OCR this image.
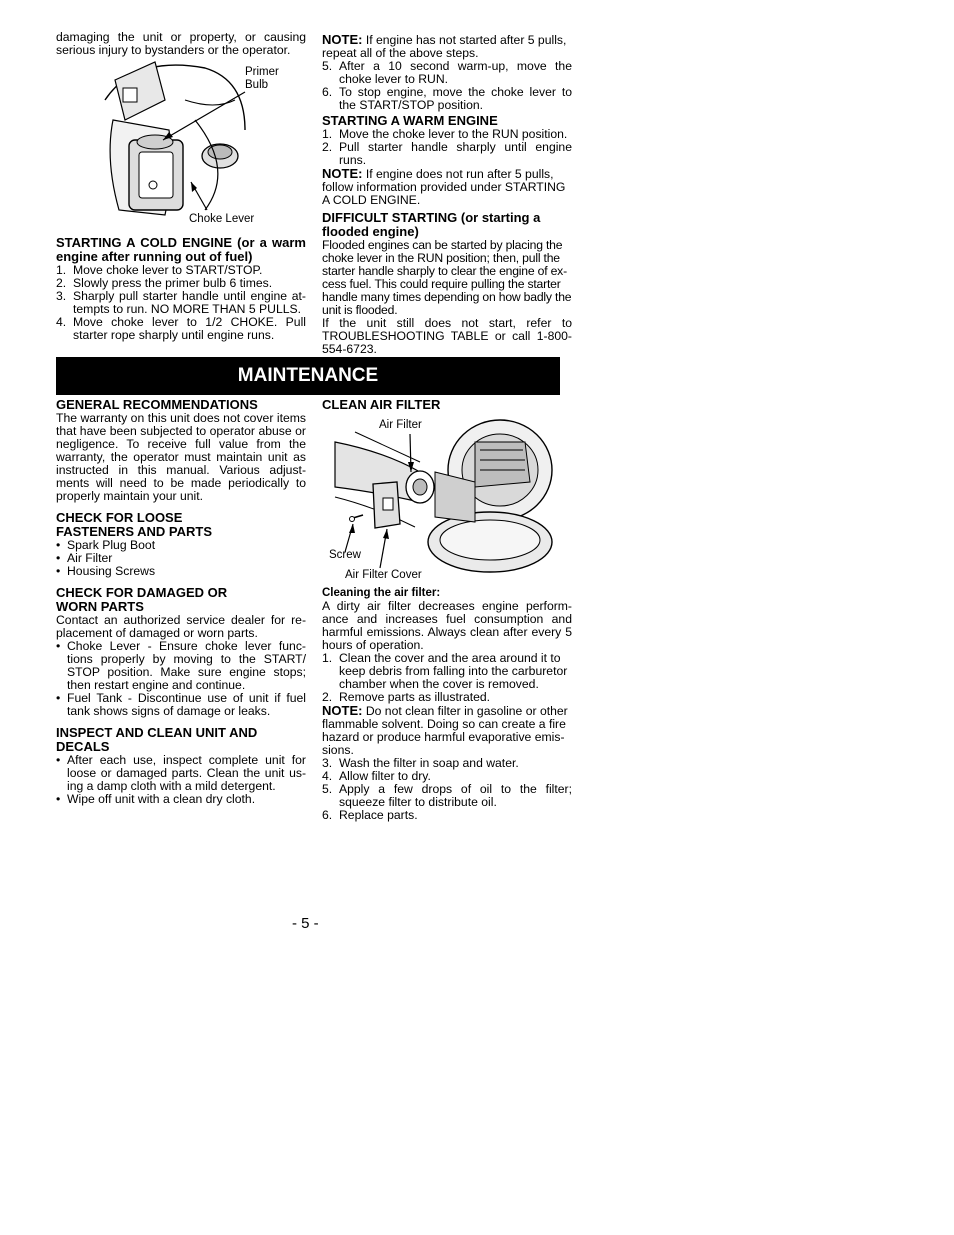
damaging the unit or property, or causing serious injury to bystanders or the operator.

Primer
Bulb
Choke Lever
STARTING A COLD ENGINE (or a warm engine after running out of fuel)
1. Move choke lever to START/STOP.
2. Slowly press the primer bulb 6 times.
3. Sharply pull starter handle until engine at-tempts to run. NO MORE THAN 5 PULLS.
4. Move choke lever to 1/2 CHOKE. Pull starter rope sharply until engine runs.

NOTE: If engine has not started after 5 pulls, repeat all of the above steps.

5. After a 10 second warm-up, move the choke lever to RUN.
6. To stop engine, move the choke lever to the START/STOP position.
STARTING A WARM ENGINE
1. Move the choke lever to the RUN position.
2. Pull starter handle sharply until engine runs.

NOTE: If engine does not run after 5 pulls, follow information provided under STARTING A COLD ENGINE.

DIFFICULT STARTING (or starting a flooded engine)

Flooded engines can be started by placing the choke lever in the RUN position; then, pull the starter handle sharply to clear the engine of ex-cess fuel. This could require pulling the starter handle many times depending on how badly the unit is flooded.

If the unit still does not start, refer to TROUBLESHOOTING TABLE or call 1-800-554-6723.

MAINTENANCE
GENERAL RECOMMENDATIONS

The warranty on this unit does not cover items that have been subjected to operator abuse or negligence. To receive full value from the warranty, the operator must maintain unit as instructed in this manual. Various adjust-ments will need to be made periodically to properly maintain your unit.

CHECK FOR LOOSE
FASTENERS AND PARTS
• Spark Plug Boot
• Air Filter
• Housing Screws
CHECK FOR DAMAGED OR
WORN PARTS

Contact an authorized service dealer for re-placement of damaged or worn parts.

• Choke Lever - Ensure choke lever func-tions properly by moving to the START/ STOP position. Make sure engine stops; then restart engine and continue.
• Fuel Tank - Discontinue use of unit if fuel tank shows signs of damage or leaks.
INSPECT AND CLEAN UNIT AND DECALS
• After each use, inspect complete unit for loose or damaged parts. Clean the unit us-ing a damp cloth with a mild detergent.
• Wipe off unit with a clean dry cloth.
CLEAN AIR FILTER
Air Filter
Screw
Air Filter Cover

Cleaning the air filter:

A dirty air filter decreases engine perform-ance and increases fuel consumption and harmful emissions. Always clean after every 5 hours of operation.

1. Clean the cover and the area around it to keep debris from falling into the carburetor chamber when the cover is removed.
2. Remove parts as illustrated.

NOTE: Do not clean filter in gasoline or other flammable solvent. Doing so can create a fire hazard or produce harmful evaporative emis-sions.

3. Wash the filter in soap and water.
4. Allow filter to dry.
5. Apply a few drops of oil to the filter; squeeze filter to distribute oil.
6. Replace parts.
- 5 -
